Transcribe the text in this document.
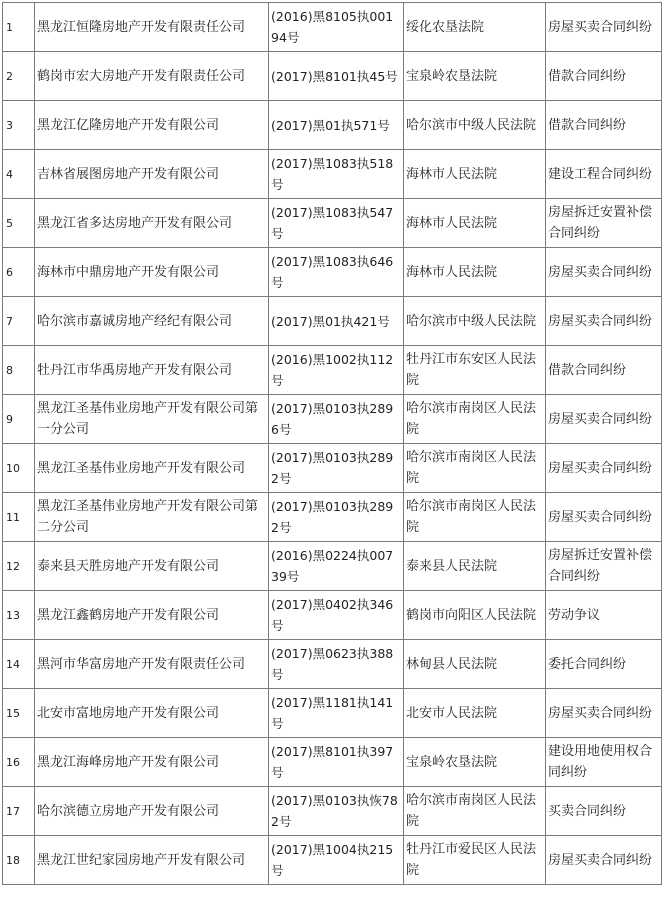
1	黑龙江恒隆房地产开发有限责任公司	(2016)黑8105执00194号	绥化农垦法院	房屋买卖合同纠纷
2	鹤岗市宏大房地产开发有限责任公司	(2017)黑8101执45号	宝泉岭农垦法院	借款合同纠纷
3	黑龙江亿隆房地产开发有限公司	(2017)黑01执571号	哈尔滨市中级人民法院	借款合同纠纷
4	吉林省展图房地产开发有限公司	(2017)黑1083执518号	海林市人民法院	建设工程合同纠纷
5	黑龙江省多达房地产开发有限公司	(2017)黑1083执547号	海林市人民法院	房屋拆迁安置补偿合同纠纷
6	海林市中鼎房地产开发有限公司	(2017)黑1083执646号	海林市人民法院	房屋买卖合同纠纷
7	哈尔滨市嘉诚房地产经纪有限公司	(2017)黑01执421号	哈尔滨市中级人民法院	房屋买卖合同纠纷
8	牡丹江市华禹房地产开发有限公司	(2016)黑1002执112号	牡丹江市东安区人民法院	借款合同纠纷
9	黑龙江圣基伟业房地产开发有限公司第一分公司	(2017)黑0103执2896号	哈尔滨市南岗区人民法院	房屋买卖合同纠纷
10	黑龙江圣基伟业房地产开发有限公司	(2017)黑0103执2892号	哈尔滨市南岗区人民法院	房屋买卖合同纠纷
11	黑龙江圣基伟业房地产开发有限公司第二分公司	(2017)黑0103执2892号	哈尔滨市南岗区人民法院	房屋买卖合同纠纷
12	泰来县天胜房地产开发有限公司	(2016)黑0224执00739号	泰来县人民法院	房屋拆迁安置补偿合同纠纷
13	黑龙江鑫鹤房地产开发有限公司	(2017)黑0402执346号	鹤岗市向阳区人民法院	劳动争议
14	黑河市华富房地产开发有限责任公司	(2017)黑0623执388号	林甸县人民法院	委托合同纠纷
15	北安市富地房地产开发有限公司	(2017)黑1181执141号	北安市人民法院	房屋买卖合同纠纷
16	黑龙江海峰房地产开发有限公司	(2017)黑8101执397号	宝泉岭农垦法院	建设用地使用权合同纠纷
17	哈尔滨德立房地产开发有限公司	(2017)黑0103执恢782号	哈尔滨市南岗区人民法院	买卖合同纠纷
18	黑龙江世纪家园房地产开发有限公司	(2017)黑1004执215号	牡丹江市爱民区人民法院	房屋买卖合同纠纷
